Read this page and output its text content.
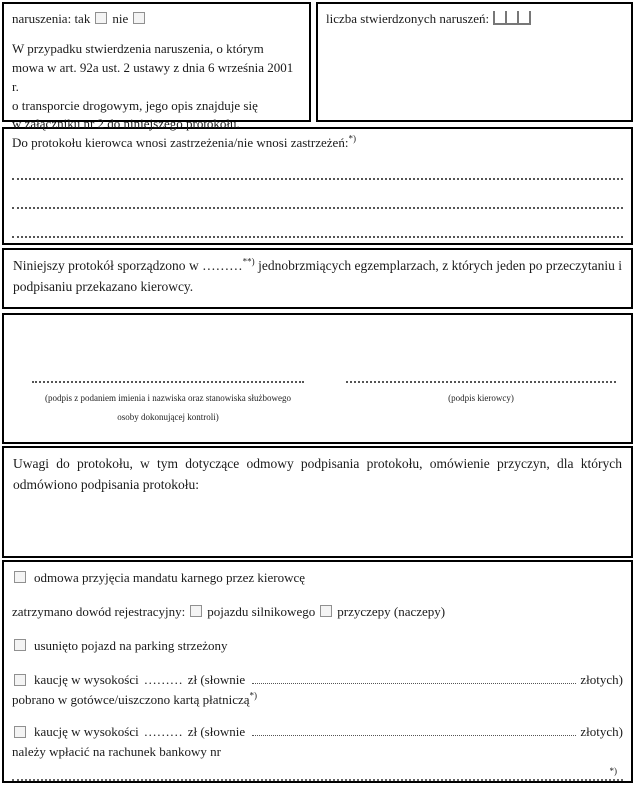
naruszenia: tak nie
W przypadku stwierdzenia naruszenia, o którym
mowa w art. 92a ust. 2 ustawy z dnia 6 września 2001 r.
o transporcie drogowym, jego opis znajduje się
w załączniku nr 2 do niniejszego protokołu.
liczba stwierdzonych naruszeń:
Do protokołu kierowca wnosi zastrzeżenia/nie wnosi zastrzeżeń:*)
Niniejszy protokół sporządzono w ………**) jednobrzmiących egzemplarzach, z których jeden po przeczytaniu i podpisaniu przekazano kierowcy.
(podpis z podaniem imienia i nazwiska oraz stanowiska służbowego
osoby dokonującej kontroli)
(podpis kierowcy)
Uwagi do protokołu, w tym dotyczące odmowy podpisania protokołu, omówienie przyczyn, dla których odmówiono podpisania protokołu:
odmowa przyjęcia mandatu karnego przez kierowcę
zatrzymano dowód rejestracyjny: pojazdu silnikowego przyczepy (naczepy)
usunięto pojazd na parking strzeżony
kaucję w wysokości ……… zł (słownie	złotych)
pobrano w gotówce/uiszczono kartą płatniczą*)
kaucję w wysokości ……… zł (słownie	złotych)
należy wpłacić na rachunek bankowy nr
*)
